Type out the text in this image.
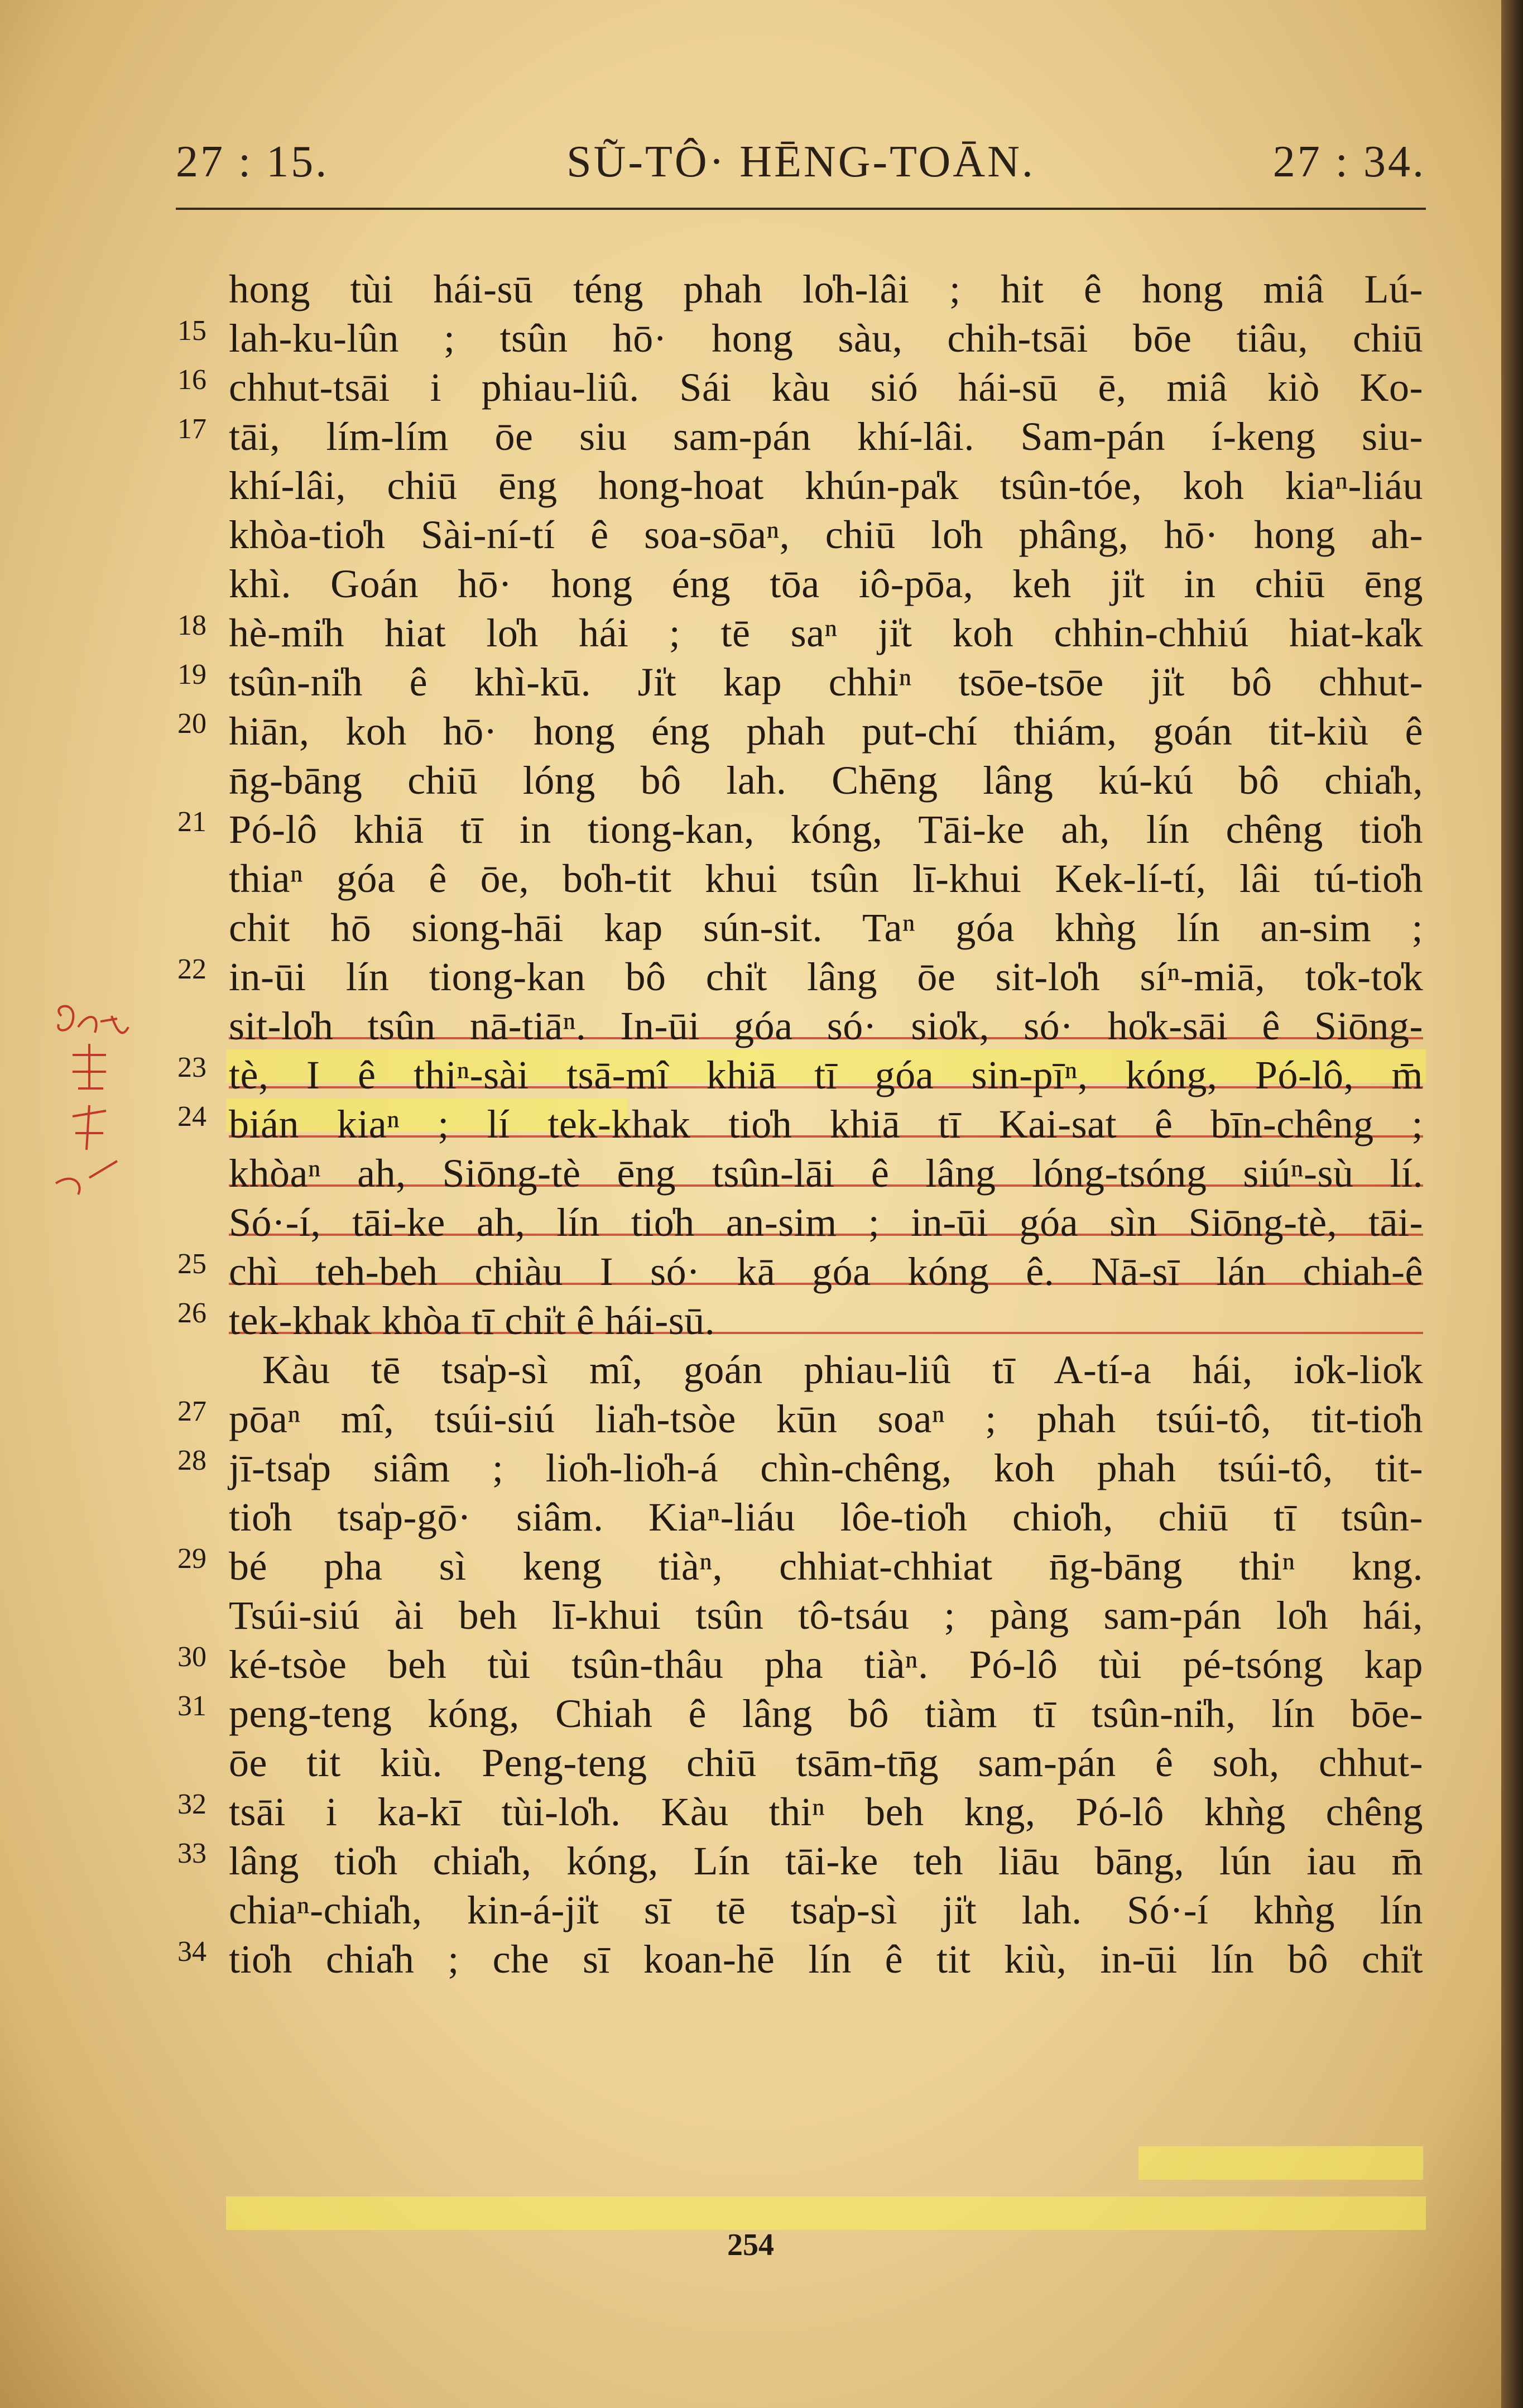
27 : 15.	SŨ-TÔ· HĒNG-TOĀN.	27 : 34.
15
16
17
18
19
20
21
22
23
24
25
26
27
28
29
30
31
32
33
34
hong tùi hái-sū téng phah lo̍h-lâi ; hit ê hong miâ Lú-
lah-ku-lûn ; tsûn hō· hong sàu, chih-tsāi bōe tiâu, chiū
chhut-tsāi i phiau-liû. Sái kàu sió hái-sū ē, miâ kiò Ko-
tāi, lím-lím ōe siu sam-pán khí-lâi. Sam-pán í-keng siu-
khí-lâi, chiū ēng hong-hoat khún-pa̍k tsûn-tóe, koh kiaⁿ-liáu
khòa-tio̍h Sài-ní-tí ê soa-sōaⁿ, chiū lo̍h phâng, hō· hong ah-
khì. Goán hō· hong éng tōa iô-pōa, keh ji̍t in chiū ēng
hè-mi̍h hiat lo̍h hái ; tē saⁿ ji̍t koh chhin-chhiú hiat-ka̍k
tsûn-ni̍h ê khì-kū. Ji̍t kap chhiⁿ tsōe-tsōe ji̍t bô chhut-
hiān, koh hō· hong éng phah put-chí thiám, goán tit-kiù ê
n̄g-bāng chiū lóng bô lah. Chēng lâng kú-kú bô chia̍h,
Pó-lô khiā tī in tiong-kan, kóng, Tāi-ke ah, lín chêng tio̍h
thiaⁿ góa ê ōe, bo̍h-tit khui tsûn lī-khui Kek-lí-tí, lâi tú-tio̍h
chit hō siong-hāi kap sún-sit. Taⁿ góa khǹg lín an-sim ;
in-ūi lín tiong-kan bô chi̍t lâng ōe sit-lo̍h síⁿ-miā, to̍k-to̍k
sit-lo̍h tsûn nā-tiāⁿ. In-ūi góa só· sio̍k, só· ho̍k-sāi ê Siōng-
tè, I ê thiⁿ-sài tsā-mî khiā tī góa sin-pīⁿ, kóng, Pó-lô, m̄
bián kiaⁿ ; lí tek-khak tio̍h khiā tī Kai-sat ê bīn-chêng ;
khòaⁿ ah, Siōng-tè ēng tsûn-lāi ê lâng lóng-tsóng siúⁿ-sù lí.
Só·-í, tāi-ke ah, lín tio̍h an-sim ; in-ūi góa sìn Siōng-tè, tāi-
chì teh-beh chiàu I só· kā góa kóng ê. Nā-sī lán chiah-ê
tek-khak khòa tī chi̍t ê hái-sū.
Kàu tē tsa̍p-sì mî, goán phiau-liû tī A-tí-a hái, io̍k-lio̍k
pōaⁿ mî, tsúi-siú lia̍h-tsòe kūn soaⁿ ; phah tsúi-tô, tit-tio̍h
jī-tsa̍p siâm ; lio̍h-lio̍h-á chìn-chêng, koh phah tsúi-tô, tit-
tio̍h tsa̍p-gō· siâm. Kiaⁿ-liáu lôe-tio̍h chio̍h, chiū tī tsûn-
bé pha sì keng tiàⁿ, chhiat-chhiat n̄g-bāng thiⁿ kng.
Tsúi-siú ài beh lī-khui tsûn tô-tsáu ; pàng sam-pán lo̍h hái,
ké-tsòe beh tùi tsûn-thâu pha tiàⁿ. Pó-lô tùi pé-tsóng kap
peng-teng kóng, Chiah ê lâng bô tiàm tī tsûn-ni̍h, lín bōe-
ōe tit kiù. Peng-teng chiū tsām-tn̄g sam-pán ê soh, chhut-
tsāi i ka-kī tùi-lo̍h. Kàu thiⁿ beh kng, Pó-lô khǹg chêng
lâng tio̍h chia̍h, kóng, Lín tāi-ke teh liāu bāng, lún iau m̄
chiaⁿ-chia̍h, kin-á-ji̍t sī tē tsa̍p-sì ji̍t lah. Só·-í khǹg lín
tio̍h chia̍h ; che sī koan-hē lín ê tit kiù, in-ūi lín bô chi̍t
254
